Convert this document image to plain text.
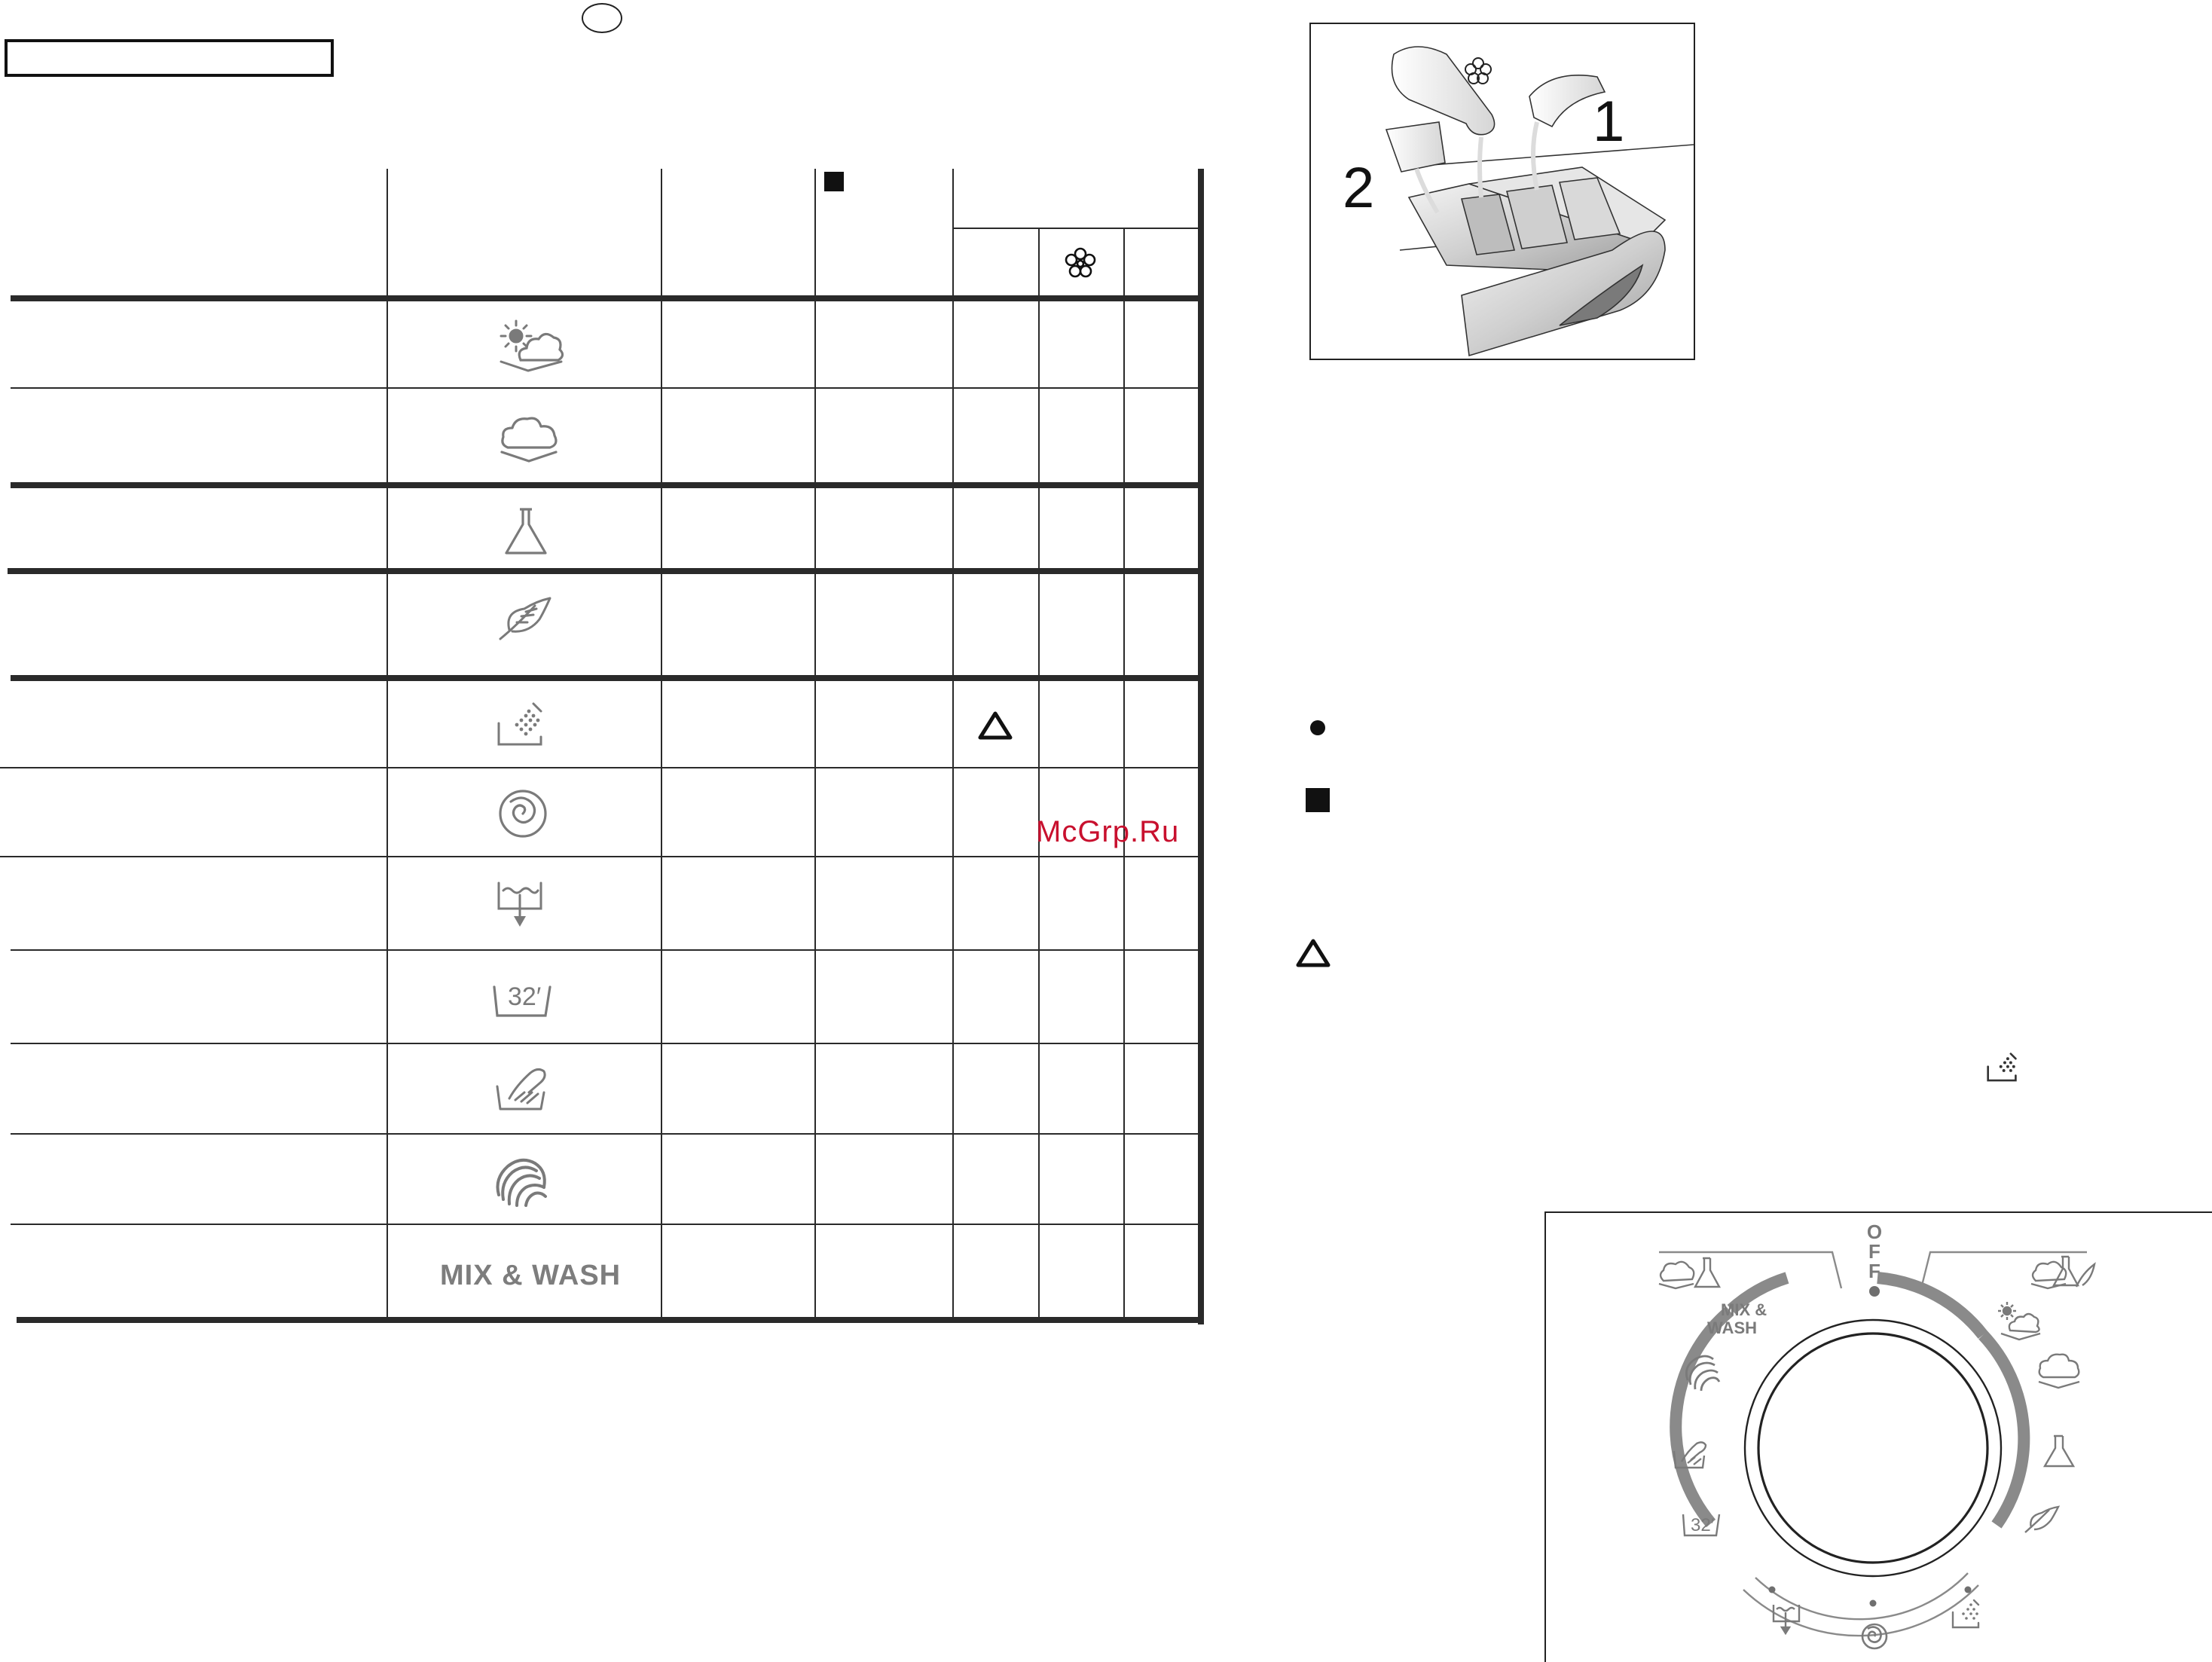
32′
MIX & WASH
McGrp.Ru
1
2
O
F
F
MIX &
WASH
32′
